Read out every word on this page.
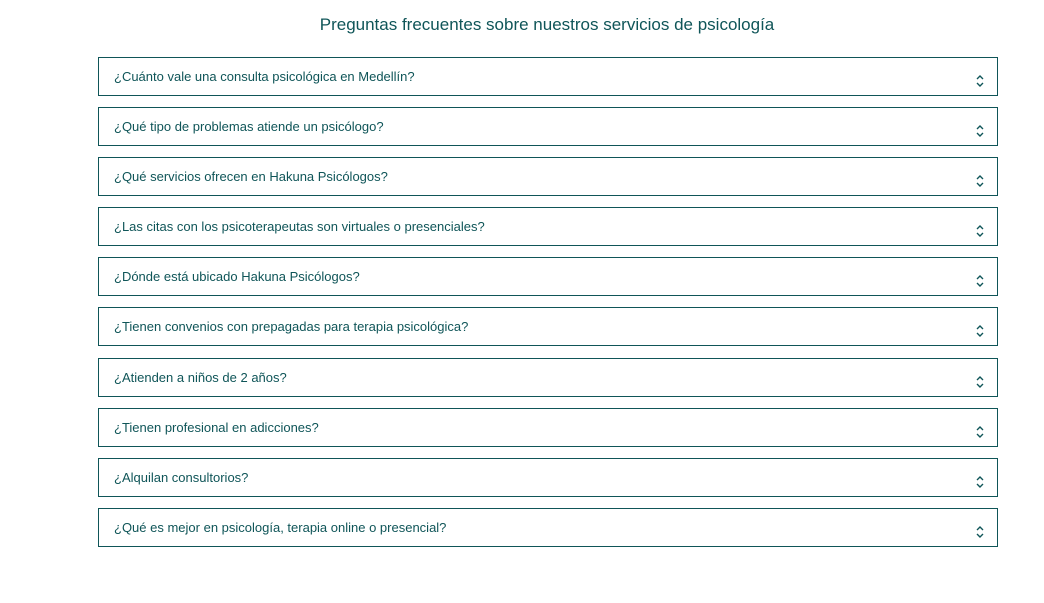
Preguntas frecuentes sobre nuestros servicios de psicología
¿Cuánto vale una consulta psicológica en Medellín?
¿Qué tipo de problemas atiende un psicólogo?
¿Qué servicios ofrecen en Hakuna Psicólogos?
¿Las citas con los psicoterapeutas son virtuales o presenciales?
¿Dónde está ubicado Hakuna Psicólogos?
¿Tienen convenios con prepagadas para terapia psicológica?
¿Atienden a niños de 2 años?
¿Tienen profesional en adicciones?
¿Alquilan consultorios?
¿Qué es mejor en psicología, terapia online o presencial?
